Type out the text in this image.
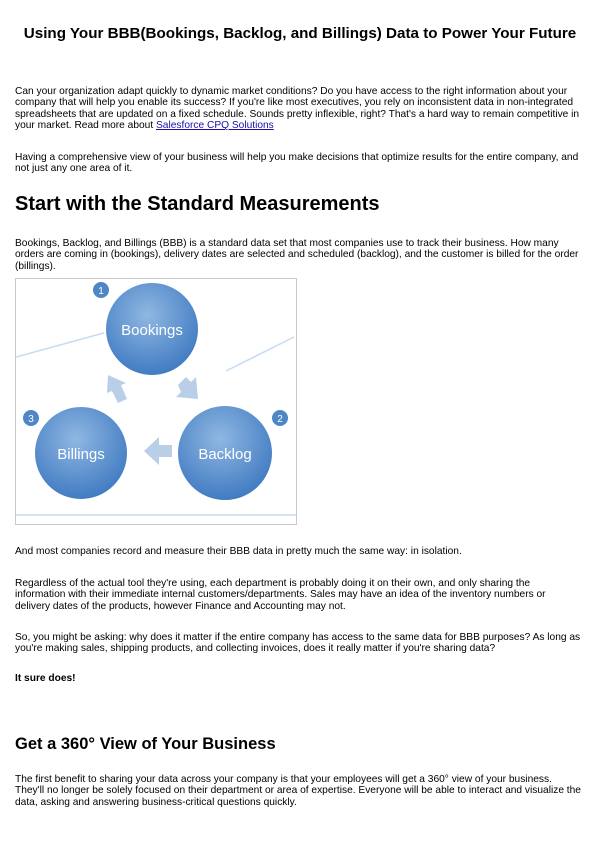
Using Your BBB(Bookings, Backlog, and Billings) Data to Power Your Future

Can your organization adapt quickly to dynamic market conditions? Do you have access to the right information about your company that will help you enable its success? If you're like most executives, you rely on inconsistent data in non-integrated spreadsheets that are updated on a fixed schedule. Sounds pretty inflexible, right? That's a hard way to remain competitive in your market. Read more about Salesforce CPQ Solutions

Having a comprehensive view of your business will help you make decisions that optimize results for the entire company, and not just any one area of it.

Start with the Standard Measurements

Bookings, Backlog, and Billings (BBB) is a standard data set that most companies use to track their business. How many orders are coming in (bookings), delivery dates are selected and scheduled (backlog), and the customer is billed for the order (billings).

Bookings
1
Backlog
2
Billings
3

And most companies record and measure their BBB data in pretty much the same way: in isolation.

Regardless of the actual tool they're using, each department is probably doing it on their own, and only sharing the information with their immediate internal customers/departments. Sales may have an idea of the inventory numbers or delivery dates of the products, however Finance and Accounting may not.

So, you might be asking: why does it matter if the entire company has access to the same data for BBB purposes? As long as you're making sales, shipping products, and collecting invoices, does it really matter if you're sharing data?

It sure does!

Get a 360° View of Your Business

The first benefit to sharing your data across your company is that your employees will get a 360° view of your business. They'll no longer be solely focused on their department or area of expertise. Everyone will be able to interact and visualize the data, asking and answering business-critical questions quickly.
